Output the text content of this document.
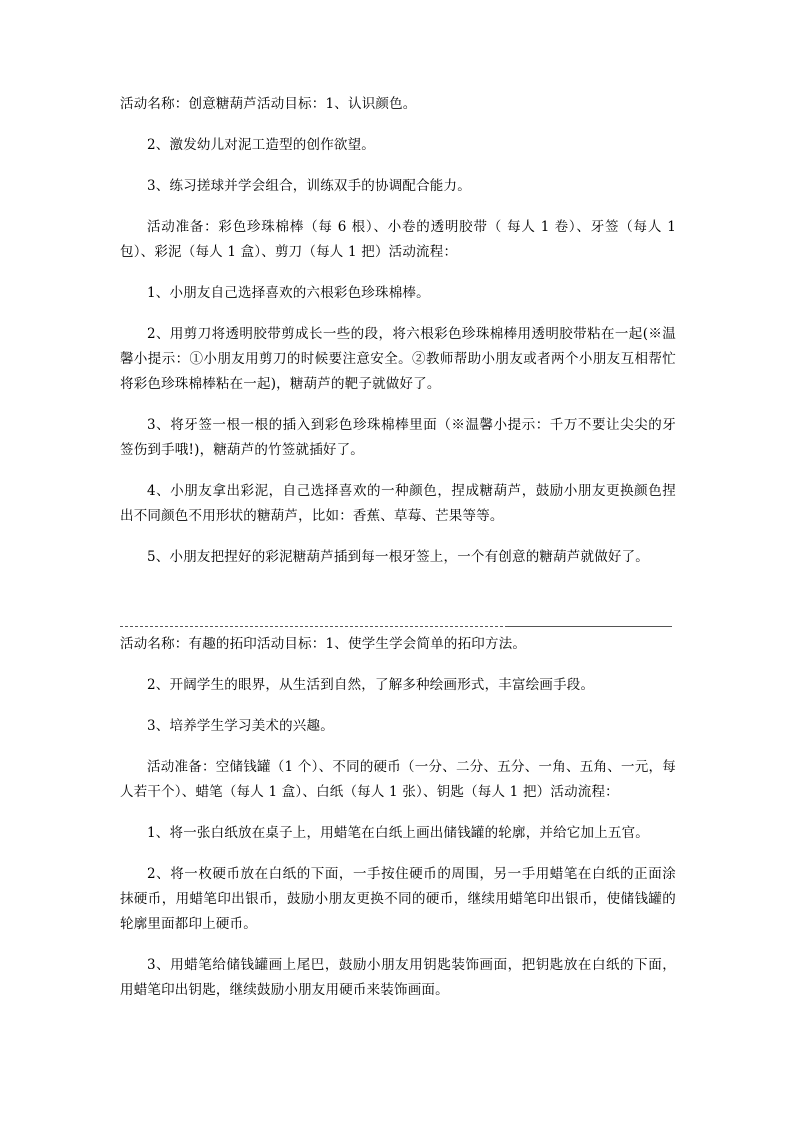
活动名称：创意糖葫芦活动目标：1、认识颜色。

2、激发幼儿对泥工造型的创作欲望。

3、练习搓球并学会组合，训练双手的协调配合能力。

活动准备：彩色珍珠棉棒（每 6 根）、小卷的透明胶带（ 每人 1 卷）、牙签（每人 1 包）、彩泥（每人 1 盒）、剪刀（每人 1 把）活动流程：

1、小朋友自己选择喜欢的六根彩色珍珠棉棒。

2、用剪刀将透明胶带剪成长一些的段，将六根彩色珍珠棉棒用透明胶带粘在一起(※温馨小提示：①小朋友用剪刀的时候要注意安全。②教师帮助小朋友或者两个小朋友互相帮忙将彩色珍珠棉棒粘在一起)，糖葫芦的靶子就做好了。

3、将牙签一根一根的插入到彩色珍珠棉棒里面（※温馨小提示：千万不要让尖尖的牙签伤到手哦!)，糖葫芦的竹签就插好了。

4、小朋友拿出彩泥，自己选择喜欢的一种颜色，捏成糖葫芦，鼓励小朋友更换颜色捏出不同颜色不用形状的糖葫芦，比如：香蕉、草莓、芒果等等。

5、小朋友把捏好的彩泥糖葫芦插到每一根牙签上，一个有创意的糖葫芦就做好了。

活动名称：有趣的拓印活动目标：1、使学生学会简单的拓印方法。

2、开阔学生的眼界，从生活到自然，了解多种绘画形式，丰富绘画手段。

3、培养学生学习美术的兴趣。

活动准备：空储钱罐（1 个）、不同的硬币（一分、二分、五分、一角、五角、一元，每人若干个）、蜡笔（每人 1 盒）、白纸（每人 1 张）、钥匙（每人 1 把）活动流程：

1、将一张白纸放在桌子上，用蜡笔在白纸上画出储钱罐的轮廓，并给它加上五官。

2、将一枚硬币放在白纸的下面，一手按住硬币的周围，另一手用蜡笔在白纸的正面涂抹硬币，用蜡笔印出银币，鼓励小朋友更换不同的硬币，继续用蜡笔印出银币，使储钱罐的轮廓里面都印上硬币。

3、用蜡笔给储钱罐画上尾巴，鼓励小朋友用钥匙装饰画面，把钥匙放在白纸的下面，用蜡笔印出钥匙，继续鼓励小朋友用硬币来装饰画面。
